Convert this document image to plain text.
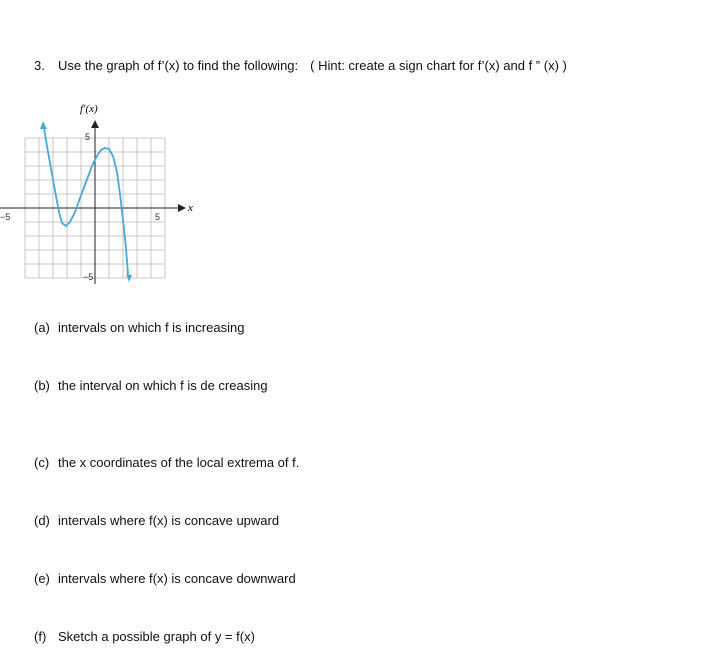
3. Use the graph of f’(x) to find the following: ( Hint: create a sign chart for f’(x) and f ” (x) )
f′(x)
x
5
−5
−5	5
(a) intervals on which f is increasing
(b) the interval on which f is de creasing
(c) the x coordinates of the local extrema of f.
(d) intervals where f(x) is concave upward
(e) intervals where f(x) is concave downward
(f) Sketch a possible graph of y = f(x)
